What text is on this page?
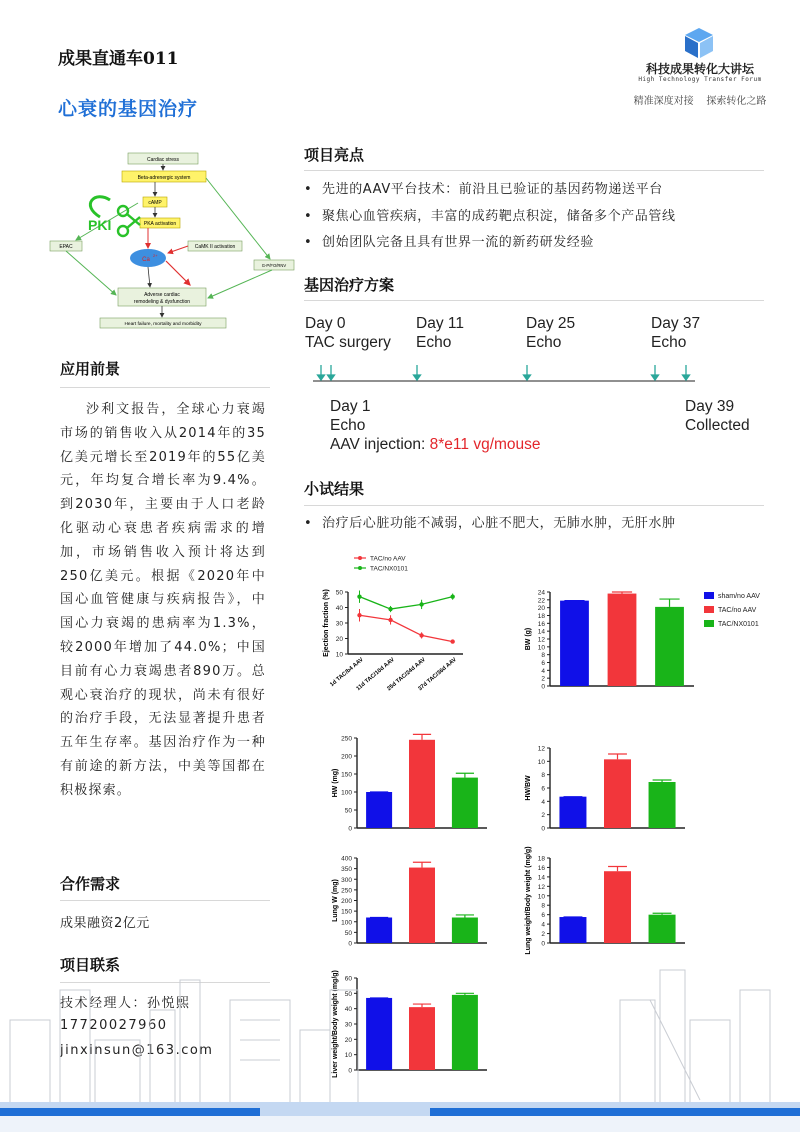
成果直通车011
心衰的基因治疗
科技成果转化大讲坛
High Technology Transfer Forum
精准深度对接    探索转化之路
Cardiac stress
Beta-adrenergic system
cAMP
PKA activation
CaMK II activation
Ca
2+
EPAC
G-P/FO/RNV
Adverse cardiac
remodeling & dysfunction
Heart failure, mortality and morbidity
PKI
应用前景
沙利文报告，全球心力衰竭市场的销售收入从2014年的35亿美元增长至2019年的55亿美元，年均复合增长率为9.4%。到2030年，主要由于人口老龄化驱动心衰患者疾病需求的增加，市场销售收入预计将达到250亿美元。根据《2020年中国心血管健康与疾病报告》，中国心力衰竭的患病率为1.3%，较2000年增加了44.0%；中国目前有心力衰竭患者890万。总观心衰治疗的现状，尚未有很好的治疗手段，无法显著提升患者五年生存率。基因治疗作为一种有前途的新方法，中美等国都在积极探索。
合作需求
成果融资2亿元
项目联系
技术经理人：孙悦熙
17720027960
jinxinsun@163.com
项目亮点
• 先进的AAV平台技术：前沿且已验证的基因药物递送平台
• 聚焦心血管疾病，丰富的成药靶点积淀，储备多个产品管线
• 创始团队完备且具有世界一流的新药研发经验
基因治疗方案
Day 0
TAC surgery
Day 11
Echo
Day 25
Echo
Day 37
Echo
Day 1
Echo
AAV injection: 8*e11 vg/mouse
Day 39
Collected
小试结果
• 治疗后心脏功能不减弱，心脏不肥大，无肺水肿，无肝水肿
10
20
30
40
50
Ejection fraction (%)
TAC/no AAV
TAC/NX0101
1d TAC/b4 AAV
11d TAC/10d AAV
25d TAC/24d AAV
37d TAC/36d AAV	0
2
4
6
8
10
12
14
16
18
20
22
24
BW (g)
sham/no AAV
TAC/no AAV
TAC/NX0101
0
50
100
150
200
250
HW (mg)
0
2
4
6
8
10
12
HW/BW
0
50
100
150
200
250
300
350
400
Lung W (mg)
0
2
4
6
8
10
12
14
16
18
Lung weight/Body weight (mg/g)
0
10
20
30
40
50
60
Liver weight/Body weight (mg/g)
